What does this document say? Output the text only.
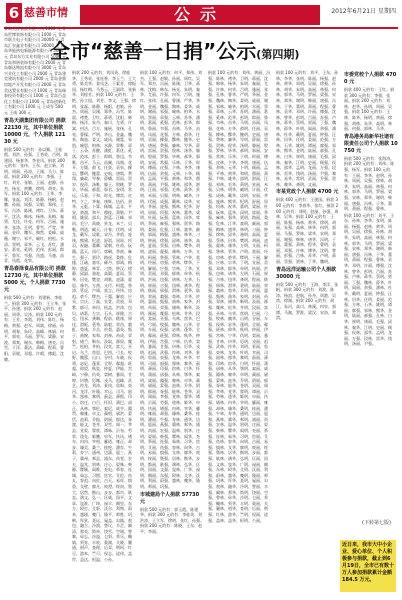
6 慈善市情	公示	2012年6月21日 星期四
全市“慈善一日捐”公示(第四期)

青岛天洋食品有限公司 1000 元 青岛世博装饰有限公司 1000 元 青岛市联合电子有限公司 30000 元 青岛汇泉鑫业有限公司 30000 元 青岛华能热电新能源有限公司 5000 元 青岛东方实业有限公司 5000 元 青岛和谐装饰有限公司 2000 元 青岛顺达物流有限公司 3000 元 青岛兴业化工有限公司 2000 元 青岛建美建筑有限公司 2000 元 青岛金鼎房地产开发有限公司 2000 元 青岛美达置业有限公司 1000 元 青岛瑞泰投资有限公司 1000 元 青岛百益化工有限公司 1000 元 青岛创新化工有限公司 1000 元 王成军 500 元 王威 300 元

青岛天湖集团有限公司 捐款 22130 元，其中单位捐款 10000 元，个人捐款 12130 元

捐款 500 元的有：孙以顺、王桂霞、刘洪、孙强、王秀英、吕明、陈建国、杨春华、李金凤。捐款 300 元的有：张伟、王东、赵立新、刘明、周丽、孙涛、王刚、马力、陈晨。捐款 200 元的有：李强、王红、刘芳、张敏、王丽、赵静、孙杰、杨光、黄鹏、徐明、胡亮、朱军。捐款 100 元的有：王华、李娜、张磊、刘洋、陈静、杨帆、赵鹏、孙丽、周强、吴敏、郑伟、王军、冯涛、陈刚、褚红、卫东、蒋平、沈洁、韩冰、杨林、朱梅、秦勇、尤佳、许亮、何军、吕丽、施华、张涛、孔明、曹雪、严宽、华丽、金玲、魏军、陶然、姜峰、戚薇、谢宁、邹平、喻红、柏松、水清、窦明、章华、云飞、苏红、潘安、葛亮、奚明、范伟、彭丽、郎平、鲁军、韦强、昌盛、马骏、苗青、凤霞、花荣。

青岛春泽食品有限公司 捐款 12730 元，其中单位捐款 5000 元，个人捐款 7730 元

捐款 500 元的有：刘建新、李桂兰。捐款 300 元的有：王立华、张平、孙建。捐款 200 元的有：赵丽、周勇、吴涛。捐款 100 元的有：王芳、李霞、刘伟、陈红、杨梅、黄强、赵军、周斌、徐丽、孙明、胡春、朱玲、高峰、林娟、何平、郭亮、马丽、罗军、梁静、宋波、郑爽、谢东、韩梅、唐亮、冯雪、于洋、董洁、萧峰、程莉、曹阳、袁媛、邓超、许晴、傅彪、沈腾。

捐款 200 元的有：刘凤英、徐桂华、王秀英、张连香、李玉兰、王大勇、陈美华、姜凤芝、于素芳、徐振国、杨红梅、马秀云、王淑珍、张新华、刘桂芳。捐款 100 元的有：王艳、孙立国、刘芳、李文、王强、徐明、张磊、陈静、杨阳、赵敏、孙杰、周丽、吴刚、郑华、冯雪、陈晨、褚楚、卫红、蒋勇、沈阳、韩梅、杨洋、朱丹、秦川、尤勇、许嵩、何洁、吕方、施展、张扬、孔亮、曹操、严明、华山、金鑫、魏来、陶喆、姜文、戚风、谢霆、邹凯、喻恩、柏林、水源、窦唯、章子、云朵、苏醒、潘虹、葛优、奚落、范冰、彭于、郎朗、鲁迅、韦唯、昌平、马云、苗圃、凤凰、花开、方圆、俞飞、任贤、袁泉、柳岩、酆明、鲍蕾、史航、唐嫣、费翔、廉政、岑参、薛蟠、雷雨、贺岁、倪萍、汤唯、滕王、殷桃、罗京、毕福、郝蕾、邬君、安琪、常远、乐嘉、于和、时光、傅雷、皮特、卞之、齐秦、康辉、伍佰、余华、元彪、卜算、顾城、孟非、平安、黄渤、和平、穆桂、萧敬、尹相、姚晨、邵兵、湛蓝、汪峰、祁同、毛宁、禹晓、狄龙、米兰、贝勒、明道、臧天、计春、伏明、成龙、戴军、谈歌、宋丹、茅盾、庞统、熊黛、纪凌、舒淇、屈原、项羽、祝融、董卿、梁朝、杜甫、阮籍、蓝天、闵行、席琳、季羡、麻生、强子、贾玲、路遥、娄烨、危楼、江疏、童年、颜丹、郭靖、梅婷、盛夏、林青、刁蛮、钟汉、徐静、邱淑、骆驼、高圆、夏雨、蔡琴、田亮、樊登、胡歌、凌潇、霍思、虞书、万茜、支付、柯震、昝涛、管虎、卢靖、莫言、经纬、房祖、裘千、缪杰、干露、解放、应采、宗庆、丁磊、宣萱、贲放、邓紫、郁可、单田、杭盖、洪涛、包贝、诸葛、左宗、石头、崔健、吉克、钮承、龚琳、程前、嵇康、邢佳、滑板、裴秀、陆毅、荣昌、翁虹、荀彧、羊羔、於梨、惠英、甄子、曲婉、家和、封神、芮成、羿射、储兰、靳东、汲取、邴原、糜竺、松柏、井柏、段奕、富大、巫启、乌兰、焦恩、巴图、弓长、牧野、隗嚣、山口、谷村、车晓、侯勇、宓妃、蓬莱、全智、郗超、班超、仰望、秋瓷、仲夏、伊能、宫崎、宁静、仇英、栾树、暴雨、甘婷、钭塘、厉娜、戎马、祖峰、武艺、符龙、刘涛、景岗、詹姆、束河、龙洋、叶璇、幸运、司马、韶华、郜林、黎明、蓟县、薄熙、印小、宿迁、白百、怀旧、蒲巴、邰正、从林、鄂伦、索尼、咸亨、籍贯、赖雅、卓文、蔺相、屠洪、蒙恬、池莉、乔振、阴丽、郁达、胥渡、能文、苍井、双雪、闻一、莘县、党爱、翟欣、谭咏、贡布、劳荣、逄先、姬鹏、申军、扶风、堵车、冉冉、宰相、郦道、雍正、却步、璩美、桑兰、桂纶、濮存、牛莉、寿宁、通州、边潇、扈三、燕子、冀州、郏县、浦东、尚雯、农夫、温兆、别林、庄心、晏殊、柴静、瞿颖、阎维、充电、慕容、连城、茹志、习惯、宦官、艾伦、鱼丸、容祖、向佐、古天、易烊、慎重、戈壁、廖凡、庾澄、终南、暨大、居然、衡山、步步、都市、耿直、满文、弘一、匡威、国平、文章、寇准、广坤、禄丰、阙里、东方、殴打、殳斨、沃尔、利物、蔚来、越剧、夔门、隆平、师胜、巩俐、厍狄、聂远、晁盖、勾践、敖包、融合、冷漠、訾议、辛芷、阚清、那英、简单、饶雪、空调、曾黎、毋忘、沙溢、乜斜、养乐、鞠婧、须弥、丰收、巢湖、关晓、蒯通、相声、查理、后羿、荆轲、红豆、游本、竺可、权志、逯伟、盖世、益达、桓温、公孙。

捐款 100 元的有：何平、郑伟、刘杰、王强、赵敏、孙丽、周红、吴军、郑杰、冯丽、陈刚、卫华、蒋林、沈梅、韩东、杨光、朱明、秦华、尤丽、许强、何军、吕明、施红、张伟、孔丽、曹刚、严华、华明、金丽、魏强、陶林、姜华、戚明、谢丽、邹强、喻林、柏华、水明、窦丽、章强、云林、苏华、潘明、葛丽、奚强、范林、彭华、郎明、鲁丽、韦强、昌林、马华、苗明、凤丽、花强、方林、俞华、任明、袁丽、柳强、酆林、鲍华、史明、唐丽、费强、廉林、岑华、薛明、雷丽、贺强、倪林、汤华、滕明、殷丽、罗强、毕林、郝华、邬明、安丽、常强、乐林、于华、时明、傅丽、皮强、卞林、齐华、康明、伍丽、余强、元林、卜华、顾明、孟丽、平强、黄林、和华、穆明、萧丽、尹强、姚林、邵华、湛明、汪丽、祁强、毛林、禹华、狄明、米丽、贝强、明林、臧华、计明、伏丽、成强、戴林、谈华、宋明、茅丽、庞强、熊林、纪华、舒明、屈丽、项强、祝林、董华、梁明、杜丽、阮强、蓝林、闵华、席明、季丽、麻强、强林、贾华、路明、娄丽、危强、江林、童华、颜明、郭丽、梅强、盛林、林华、刁明、钟丽、徐强、邱林、骆华、高明、夏丽、蔡强、田林、樊华、胡明、凌丽、霍强、虞林、万华、支明、柯丽、昝强、管林、卢华、莫明、经丽、房强、裘林、缪华、干明、解丽、应强、宗林、丁华、宣明、贲丽、邓强、郁林、单华、杭明、洪丽、包强、诸林、左华、石明、崔丽、吉强、钮林、龚华、程明、嵇丽、邢强、滑林、裴华、陆明、荣丽、翁强、荀林、羊华、於明、惠丽、甄强、曲林、家华、封明、芮丽、羿强、储林、靳华、汲明、邴丽、糜强、松林、井华、段明、富丽、巫强、乌林、焦华、巴明、弓丽、牧强、隗林、山华、谷明、车丽、侯强、宓林、蓬华、全明、郗丽、班强、仰林、秋华、仲明、伊丽、宫强、宁林、仇华、栾明、暴丽、甘强、钭林、厉华、戎明、祖丽、武强、符林、刘华、景明、詹丽、束强、龙林、叶华、幸明、司丽、韶强、郜林、黎华、蓟明、薄丽、印强、宿林、白华、怀明、蒲丽、邰强、从林、鄂华、索明、咸丽、籍强、赖林、卓华、蔺明、屠丽、蒙强、池林、乔华、阴明、郁丽、胥强、能林、苍华、双明、闻丽、莘强、党林、翟华、谭明、贡丽、劳强、逄林、姬华、申明、扶丽、堵强、冉林、宰华、郦明、雍丽、却强、璩林、桑华、桂明、濮丽、牛强、寿林、通华、边明、扈丽、燕强、冀林、郏华、浦明、尚丽、农强、温林、别华、庄明、晏丽、柴强、瞿林、阎华、充明、慕丽、连强、茹林、习华、宦明、艾丽、鱼强、容林、向华、古明、易丽、慎强、戈林、廖华、庾明、终丽、暨强、居林、衡华、步明、都丽、耿强、满林、弘华、匡明、国丽、文强、寇林、广华、禄明、阙丽、东强、殴林、殳华、沃明、利丽、蔚强、越林、夔华、隆明、师丽、巩强。

市城建局个人捐款 57730 元

捐款 500 元的有：郭玉霞、陈建华。捐款 300 元的有：李桂英、刘洪涛、王立军、徐明、张红、孙强。捐款 200 元的有：陈晓、王东、赵平、李丽。

捐款 100 元的有：刘伟、黄丽、冯强、陈林、褚华、卫明、蒋丽、沈强、韩林、杨华、朱明、秦丽、尤强、许林、何华、吕明、施丽、张强、孔林、曹华、严明、华丽、金强、魏林、陶华、姜明、戚丽、谢强、邹林、喻华、柏明、水丽、窦强、章林、云华、苏明、潘丽、葛强、奚林、范华、彭明、郎丽、鲁强、韦林、昌华、马明、苗丽、凤强、花林、方华、俞明、任丽、袁强、柳林、酆华、鲍明、史丽、唐强、费林、廉华、岑明、薛丽、雷强、贺林、倪华、汤明、滕丽、殷强、罗林、毕华、郝明、邬丽、安强、常林、乐华、于明、时丽、傅强、皮林、卞华、齐明、康丽、伍强、余林、元华、卜明、顾丽、孟强、平林、黄华、和明、穆丽、萧强、尹林、姚华、邵明、湛丽、汪强、祁林、毛华、禹明、狄丽、米强、贝林、明华、臧明、计丽、伏强、成林、戴华、谈明、宋丽、茅强、庞林、熊华、纪明、舒丽、屈强、项林、祝华、董明、梁丽、杜强、阮林、蓝华、闵明、席丽、季强、麻林、强华、贾明、路丽、娄强、危林、江华、童明、颜丽、郭强、梅林、盛华、林明、刁丽、钟强、徐林、邱华、骆明、高丽、夏强、蔡林、田华、樊明、胡丽、凌强、霍林、虞华、万明、支丽、柯强、昝林、管华、卢明、莫丽、经强、房林、裘华、缪明、干丽、解强、应林、宗华、丁明、宣丽、贲强、邓林、郁华、单明、杭丽、洪强、包林、诸华、左明、石丽、崔强、吉林、钮华、龚明、程丽、嵇强、邢林、滑华、裴明、陆丽、荣强、翁林、荀华、羊明、於丽、惠强、甄林、曲华、家明、封丽、芮强、羿林、储华、靳明、汲丽、邴强、糜林、松华、井明、段丽、富强、巫林、乌华、焦明、巴丽、弓强、牧林、隗华、山明、谷丽、车强、侯林、宓华、蓬明、全丽、郗强、班林、仰华、秋明、仲丽、伊强、宫林、宁华、仇明、栾丽、暴强、甘林、钭华、厉明、戎丽、祖强、武林、符华、刘明、景丽、詹强、束林、龙华、叶明、幸丽、司强、韶林、郜华、黎明、蓟丽、薄强、印林、宿华、白明、怀丽、蒲强、邰林、从华、鄂明、索丽、咸强、籍林、赖华、卓明、蔺丽、屠强、蒙林、池华、乔明、阴丽、郁强、胥林、能华、苍明、双丽、闻强、莘林、党华、翟明、谭丽、贡强、劳林、逄华、姬明、申丽、扶强、堵林、冉华、宰明、郦丽、雍强、却林、璩华、桑明、桂丽、濮强、牛林、寿华、通明、边丽、扈强、燕林、冀华、郏明、浦丽、尚强、农林、温华、别明、庄丽、晏强、柴林、瞿华、阎明、充丽、慕强、连林、茹华、习明、宦丽、艾强、鱼林、容华、向明、古丽、易强、慎林、戈华、廖明、庾丽、终强、暨林、居华、衡明、步丽、都强、耿林、满华、弘明、匡丽、国强、文林、寇华、广明、禄丽、阙强、东林、殴华、殳明、沃丽、利强、蔚林、越华、夔明、隆丽、师强、巩林、厍华、聂明、晁丽、勾强、敖林、融华、冷明、訾丽、辛强、阚林、那华、简明、饶丽、空强、曾林、毋华、沙明、乜丽、养强、鞠林、须华、丰明、巢丽、关强、蒯林、相华、查明、后丽、荆强、红林、游华、竺明、权丽、逯强、盖林、益华、桓明、公丽。

捐款 100 元的有：刘平、王东、孙林、李华、张明、陈丽、杨强、赵林、黄华、周明、吴丽、徐强、孙林、胡华、朱明、高丽、林强、何林、郭华、马明、罗丽、梁强、宋林、郑华、谢明、韩丽、唐强、冯林、于华、董明、萧丽、程强、曹林、袁华、邓明、许丽、傅强、沈林、曾华、彭明、吕丽、苏强、卢林、蒋华、蔡明、贾丽、丁强、魏林、薛华、叶明、阎丽、余强、潘林、杜华、戴明、夏丽、钟强、汪林、田华、任明、姜丽、范强、方林、石华、姚明、谭丽、廖强、邹林、熊华、金明、陆丽、郝强、孔林、白华、崔明、康丽、毛强、邱林、秦华、江明、史丽、顾强、侯林、邵华、孟明、龙丽、万强、段林、雷华、钱明、汤丽、尹强、黎林、易华、常明、武丽、乔强、贺林、赖华、龚明、文丽。

市某党政个人捐款 4700 元

捐款 400 元的有：王建国。捐款 300 元的有：李春华、张红。捐款 200 元的有：刘明、赵丽、孙强、周林、吴华。捐款 100 元的有：王丽、陈强、杨林、黄华、徐明、胡丽、朱强、高林、林华、何明、郭丽、马强、罗林、梁华、宋明、郑丽、谢强、韩林、唐华、冯明、于丽、董强、萧林、程华、曹明、袁丽、邓强、许林、傅华、沈明、曾丽、彭强、吕林、苏华、卢明、蒋丽、蔡强、贾林、丁华、魏明。

青岛远洋运输公司个人捐款 30000 元

捐款 500 元的有：王海、李洋、张帆。捐款 300 元的有：刘波、陈涛、杨浪、赵航、孙舟、周港、吴湾、徐湖。捐款 200 元的有：胡江、朱河、高川、林溪、何泉、郭潭、马湘、罗淮、梁汉、宋洛、郑渭。

市委党校个人捐款 4700 元

捐款 400 元的有：王红。捐款 300 元的有：李强、张丽。捐款 200 元的有：刘林、赵华、孙明、周丽、吴强。捐款 100 元的有：王林、陈华、杨明、黄丽、徐强、胡林、朱华、高明、林丽、何强、郭林、马华。

青岛港务局新华社诸有限责任公司个人捐款 10750 元

捐款 500 元的有：张海涛。捐款 200 元的有：刘伟、陈强、杨军。捐款 100 元的有：王丽、李华、赵明、孙林、周丽、吴强、徐林、胡华、朱明、高丽、林强、何林、郭华、马明、罗丽、梁强、宋林、郑华、谢明、韩丽、唐强、冯林、于华、董明、萧丽、程强、曹林。

捐款 100 元的有：刘平、王东、孙林、李华、张明、陈丽、杨强、赵林、黄华、周明、吴丽、徐强、孙林、胡华、朱明、高丽、林强、何林、郭华、马明、罗丽、梁强、宋林、郑华、谢明、韩丽、唐强、冯林、于华、董明、萧丽、程强、曹林、袁华、邓明、许丽、傅强、沈林、曾华、彭明、吕丽、苏强、卢林、蒋华、蔡明、贾丽、丁强、魏林、薛华、叶明、阎丽、余强、潘林、杜华、戴明、夏丽、钟强、汪林、田华、任明、姜丽、范强、方林、石华、姚明、谭丽、廖强、邹林、熊华、金明、陆丽、郝强、孔林、白华、崔明、康丽、毛强、邱林、秦华、江明、史丽、顾强、侯林、邵华、孟明、龙丽、万强、段林、雷华、钱明、汤丽、尹强。

(下转第七版)
近日来，我市大中小企业、爱心单位、个人积极参与捐款，截止到6月19日，全市已有数十万人参加捐款累计金额 184.5 万元。
